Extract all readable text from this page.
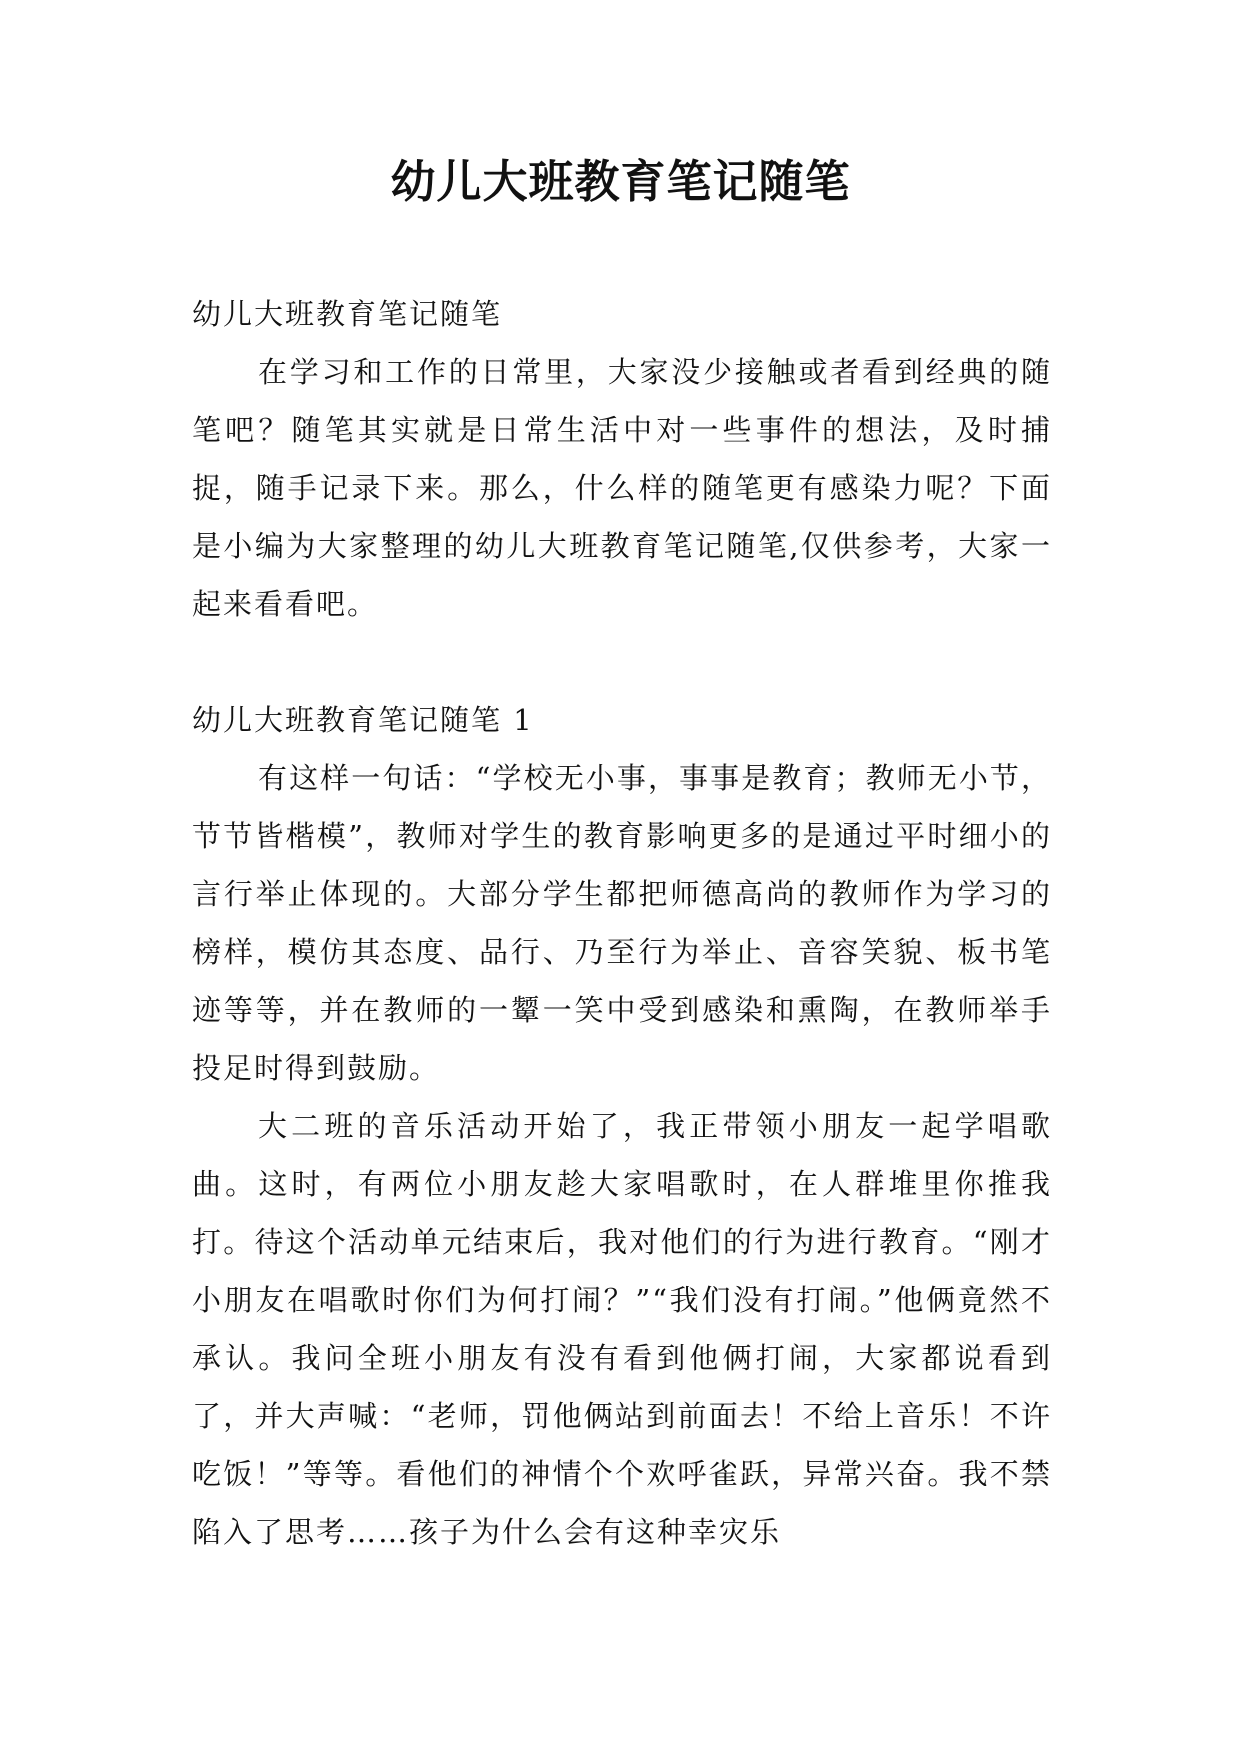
幼儿大班教育笔记随笔

幼儿大班教育笔记随笔

在学习和工作的日常里，大家没少接触或者看到经典的随笔吧？随笔其实就是日常生活中对一些事件的想法，及时捕捉，随手记录下来。那么，什么样的随笔更有感染力呢？下面是小编为大家整理的幼儿大班教育笔记随笔,仅供参考，大家一起来看看吧。

幼儿大班教育笔记随笔 1

有这样一句话：“学校无小事，事事是教育；教师无小节，节节皆楷模”，教师对学生的教育影响更多的是通过平时细小的言行举止体现的。大部分学生都把师德高尚的教师作为学习的榜样，模仿其态度、品行、乃至行为举止、音容笑貌、板书笔迹等等，并在教师的一颦一笑中受到感染和熏陶，在教师举手投足时得到鼓励。

大二班的音乐活动开始了，我正带领小朋友一起学唱歌曲。这时，有两位小朋友趁大家唱歌时，在人群堆里你推我打。待这个活动单元结束后，我对他们的行为进行教育。“刚才小朋友在唱歌时你们为何打闹？”“我们没有打闹。”他俩竟然不承认。我问全班小朋友有没有看到他俩打闹，大家都说看到了，并大声喊：“老师，罚他俩站到前面去！不给上音乐！不许吃饭！”等等。看他们的神情个个欢呼雀跃，异常兴奋。我不禁陷入了思考……孩子为什么会有这种幸灾乐
